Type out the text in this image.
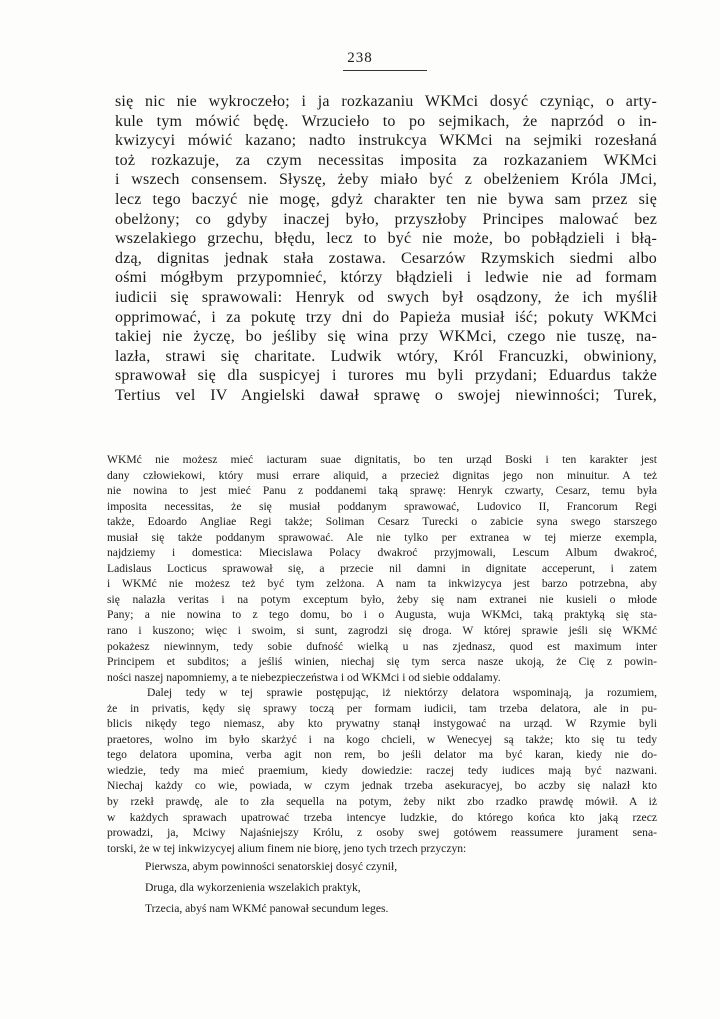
238
się nic nie wykroczeło; i ja rozkazaniu WKMci dosyć czyniąc, o arty-
kule tym mówić będę. Wrzuciełо to po sejmikach, że naprzód o in-
kwizycyi mówić kazano; nadto instrukcya WKMci na sejmiki rozesłaná
toż rozkazuje, za czym necessitas imposita za rozkazaniem WKMci
i wszech consensem. Słyszę, żeby miało być z obelżeniem Króla JMci,
lecz tego baczyć nie mogę, gdyż charakter ten nie bywa sam przez się
obelżony; co gdyby inaczej było, przyszłoby Principes malować bez
wszelakiego grzechu, błędu, lecz to być nie może, bo pobłądzieli i błą-
dzą, dignitas jednak stała zostawa. Cesarzów Rzymskich siedmi albo
ośmi mógłbym przypomnieć, którzy błądzieli i ledwie nie ad formam
iudicii się sprawowali: Henryk od swych był osądzony, że ich myślił
opprimować, i za pokutę trzy dni do Papieża musiał iść; pokuty WKMci
takiej nie życzę, bo jeśliby się wina przy WKMci, czego nie tuszę, na-
lazła, strawi się charitate. Ludwik wtóry, Król Francuzki, obwiniony,
sprawował się dla suspicyej i turores mu byli przydani; Eduardus także
Tertius vel IV Angielski dawał sprawę o swojej niewinności; Turek,
WKMć nie możesz mieć iacturam suae dignitatis, bo ten urząd Boski i ten karakter jest
dany człowiekowi, który musi errare aliquid, a przecież dignitas jego non minuitur. A też
nie nowina to jest mieć Panu z poddanemi taką sprawę: Henryk czwarty, Cesarz, temu była
imposita necessitas, że się musiał poddanym sprawować, Ludovico II, Francorum Regi
także, Edoardo Angliae Regi także; Soliman Cesarz Turecki o zabicie syna swego starszego
musiał się także poddanym sprawować. Ale nie tylko per extranea w tej mierze exempla,
najdziemy i domestica: Miecislawa Polacy dwakroć przyjmowali, Lescum Album dwakroć,
Ladislaus Locticus sprawował się, a przecie nil damni in dignitate acceperunt, i zatem
i WKMć nie możesz też być tym zelżona. A nam ta inkwizycya jest barzo potrzebna, aby
się nalazła veritas i na potym exceptum było, żeby się nam extranei nie kusieli o młode
Pany; a nie nowina to z tego domu, bo i o Augusta, wuja WKMci, taką praktyką się sta-
rano i kuszono; więc i swoim, si sunt, zagrodzi się droga. W której sprawie jeśli się WKMć
pokażesz niewinnym, tedy sobie dufność wielką u nas zjednasz, quod est maximum inter
Principem et subditos; a jeśliś winien, niechaj się tym serca nasze ukoją, że Cię z powin-
ności naszej napomniemy, a te niebezpieczeństwa i od WKMci i od siebie oddalamy.
Dalej tedy w tej sprawie postępując, iż niektórzy delatora wspominają, ja rozumiem,
że in privatis, kędy się sprawy toczą per formam iudicii, tam trzeba delatora, ale in pu-
blicis nikędy tego niemasz, aby kto prywatny stanął instygować na urząd. W Rzymie byli
praetores, wolno im było skarżyć i na kogo chcieli, w Wenecyej są także; kto się tu tedy
tego delatora upomina, verba agit non rem, bo jeśli delator ma być karan, kiedy nie do-
wiedzie, tedy ma mieć praemium, kiedy dowiedzie: raczej tedy iudices mają być nazwani.
Niechaj każdy co wie, powiada, w czym jednak trzeba asekuracyej, bo aczby się nalazł kto
by rzekł prawdę, ale to zła sequella na potym, żeby nikt zbo rzadko prawdę mówił. A iż
w każdych sprawach upatrować trzeba intencye ludzkie, do którego końca kto jaką rzecz
prowadzi, ja, Mciwy Najaśniejszy Królu, z osoby swej gotówem reassumere jurament sena-
torski, że w tej inkwizycyej alium finem nie biorę, jeno tych trzech przyczyn:
Pierwsza, abym powinności senatorskiej dosyć czynił,
Druga, dla wykorzenienia wszelakich praktyk,
Trzecia, abyś nam WKMć panował secundum leges.
